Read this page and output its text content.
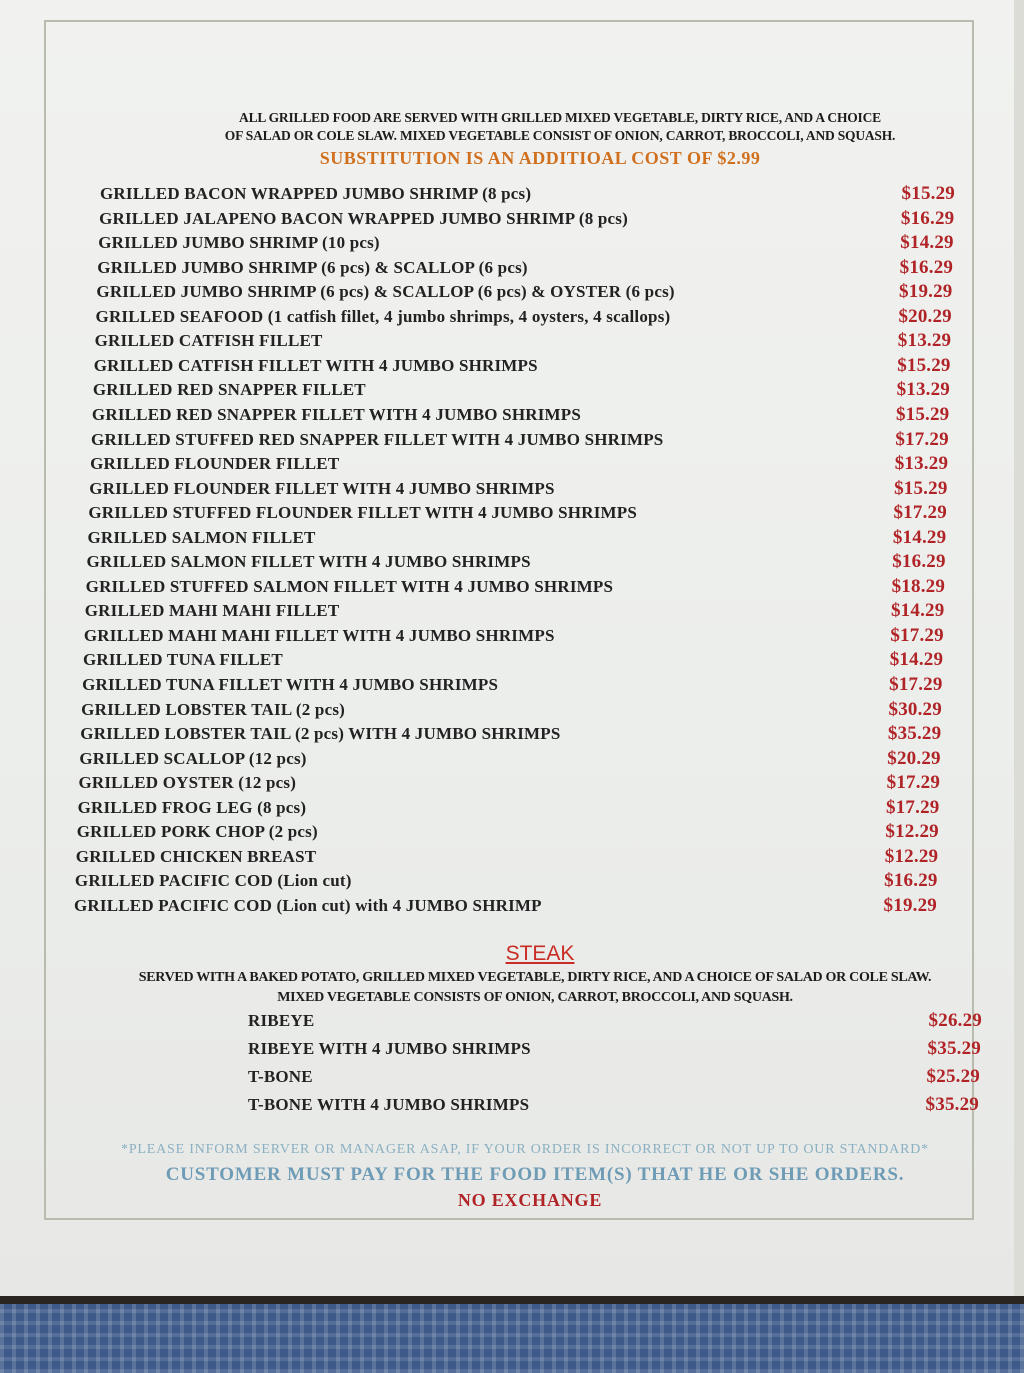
ALL GRILLED FOOD ARE SERVED WITH GRILLED MIXED VEGETABLE, DIRTY RICE, AND A CHOICE
OF SALAD OR COLE SLAW. MIXED VEGETABLE CONSIST OF ONION, CARROT, BROCCOLI, AND SQUASH.
SUBSTITUTION IS AN ADDITIOAL COST OF $2.99
GRILLED BACON WRAPPED JUMBO SHRIMP (8 pcs)	$15.29
GRILLED JALAPENO BACON WRAPPED JUMBO SHRIMP (8 pcs)	$16.29
GRILLED JUMBO SHRIMP (10 pcs)	$14.29
GRILLED JUMBO SHRIMP (6 pcs) & SCALLOP (6 pcs)	$16.29
GRILLED JUMBO SHRIMP (6 pcs) & SCALLOP (6 pcs) & OYSTER (6 pcs)	$19.29
GRILLED SEAFOOD (1 catfish fillet, 4 jumbo shrimps, 4 oysters, 4 scallops)	$20.29
GRILLED CATFISH FILLET	$13.29
GRILLED CATFISH FILLET WITH 4 JUMBO SHRIMPS	$15.29
GRILLED RED SNAPPER FILLET	$13.29
GRILLED RED SNAPPER FILLET WITH 4 JUMBO SHRIMPS	$15.29
GRILLED STUFFED RED SNAPPER FILLET WITH 4 JUMBO SHRIMPS	$17.29
GRILLED FLOUNDER FILLET	$13.29
GRILLED FLOUNDER FILLET WITH 4 JUMBO SHRIMPS	$15.29
GRILLED STUFFED FLOUNDER FILLET WITH 4 JUMBO SHRIMPS	$17.29
GRILLED SALMON FILLET	$14.29
GRILLED SALMON FILLET WITH 4 JUMBO SHRIMPS	$16.29
GRILLED STUFFED SALMON FILLET WITH 4 JUMBO SHRIMPS	$18.29
GRILLED MAHI MAHI FILLET	$14.29
GRILLED MAHI MAHI FILLET WITH 4 JUMBO SHRIMPS	$17.29
GRILLED TUNA FILLET	$14.29
GRILLED TUNA FILLET WITH 4 JUMBO SHRIMPS	$17.29
GRILLED LOBSTER TAIL (2 pcs)	$30.29
GRILLED LOBSTER TAIL (2 pcs) WITH 4 JUMBO SHRIMPS	$35.29
GRILLED SCALLOP (12 pcs)	$20.29
GRILLED OYSTER (12 pcs)	$17.29
GRILLED FROG LEG (8 pcs)	$17.29
GRILLED PORK CHOP (2 pcs)	$12.29
GRILLED CHICKEN BREAST	$12.29
GRILLED PACIFIC COD (Lion cut)	$16.29
GRILLED PACIFIC COD (Lion cut) with 4 JUMBO SHRIMP	$19.29
STEAK
SERVED WITH A BAKED POTATO, GRILLED MIXED VEGETABLE, DIRTY RICE, AND A CHOICE OF SALAD OR COLE SLAW.
MIXED VEGETABLE CONSISTS OF ONION, CARROT, BROCCOLI, AND SQUASH.
RIBEYE	$26.29
RIBEYE WITH 4 JUMBO SHRIMPS	$35.29
T-BONE	$25.29
T-BONE WITH 4 JUMBO SHRIMPS	$35.29
*PLEASE INFORM SERVER OR MANAGER ASAP, IF YOUR ORDER IS INCORRECT OR NOT UP TO OUR STANDARD*
CUSTOMER MUST PAY FOR THE FOOD ITEM(S) THAT HE OR SHE ORDERS.
NO EXCHANGE
